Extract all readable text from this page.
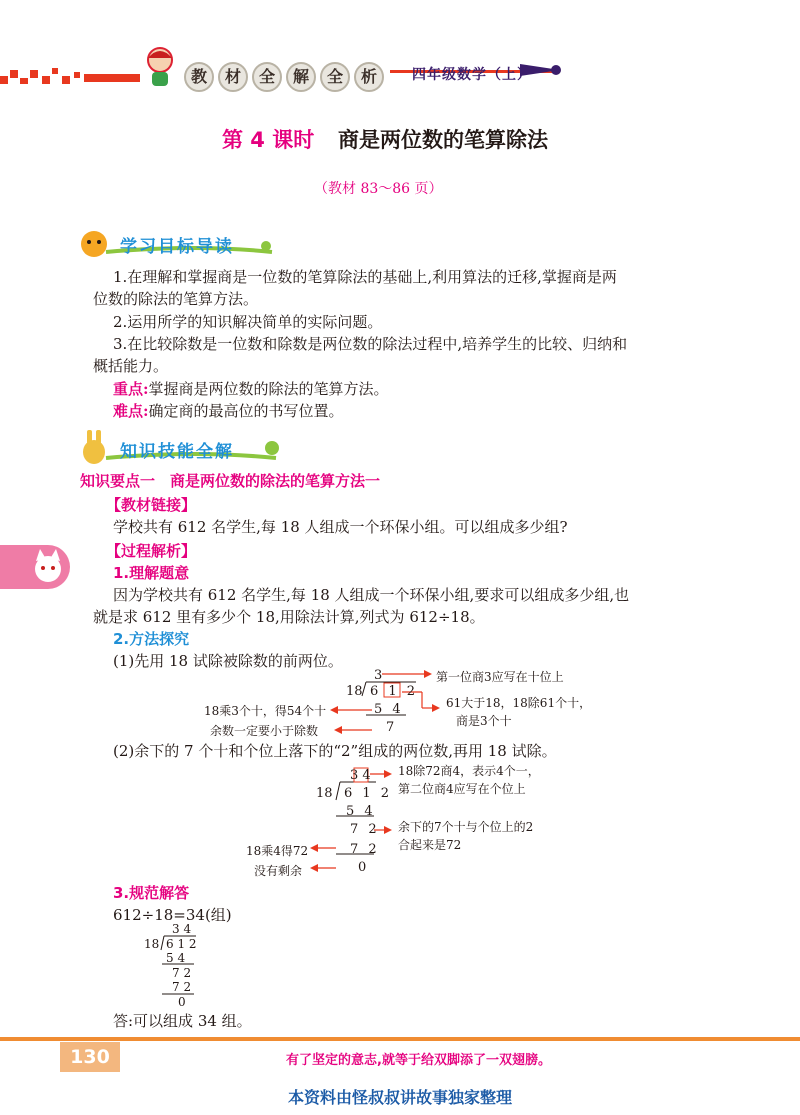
教	材	全	解	全	析	四年级数学（上）
第 4 课时 商是两位数的笔算除法
（教材 83～86 页）
学习目标导读
1.在理解和掌握商是一位数的笔算除法的基础上,利用算法的迁移,掌握商是两
位数的除法的笔算方法。
2.运用所学的知识解决简单的实际问题。
3.在比较除数是一位数和除数是两位数的除法过程中,培养学生的比较、归纳和
概括能力。
重点:掌握商是两位数的除法的笔算方法。
难点:确定商的最高位的书写位置。
知识技能全解
知识要点一　商是两位数的除法的笔算方法一
【教材链接】
学校共有 612 名学生,每 18 人组成一个环保小组。可以组成多少组?
【过程解析】
1.理解题意
因为学校共有 612 名学生,每 18 人组成一个环保小组,要求可以组成多少组,也
就是求 612 里有多少个 18,用除法计算,列式为 612÷18。
2.方法探究
(1)先用 18 试除被除数的前两位。
3
18 6 1 2
5 4
7
第一位商3应写在十位上
18乘3个十，得54个十
61大于18，18除61个十，
商是3个十
余数一定要小于除数
(2)余下的 7 个十和个位上落下的“2”组成的两位数,再用 18 试除。
3 4
18 6 1 2
5 4
7 2
7 2
0
18除72商4，表示4个一，
第二位商4应写在个位上
余下的7个十与个位上的2
合起来是72
18乘4得72
没有剩余
3.规范解答
612÷18=34(组)
3 4
18 6 1 2
5 4
7 2
7 2
0
答:可以组成 34 组。
130	有了坚定的意志,就等于给双脚添了一双翅膀。
本资料由怪叔叔讲故事独家整理
